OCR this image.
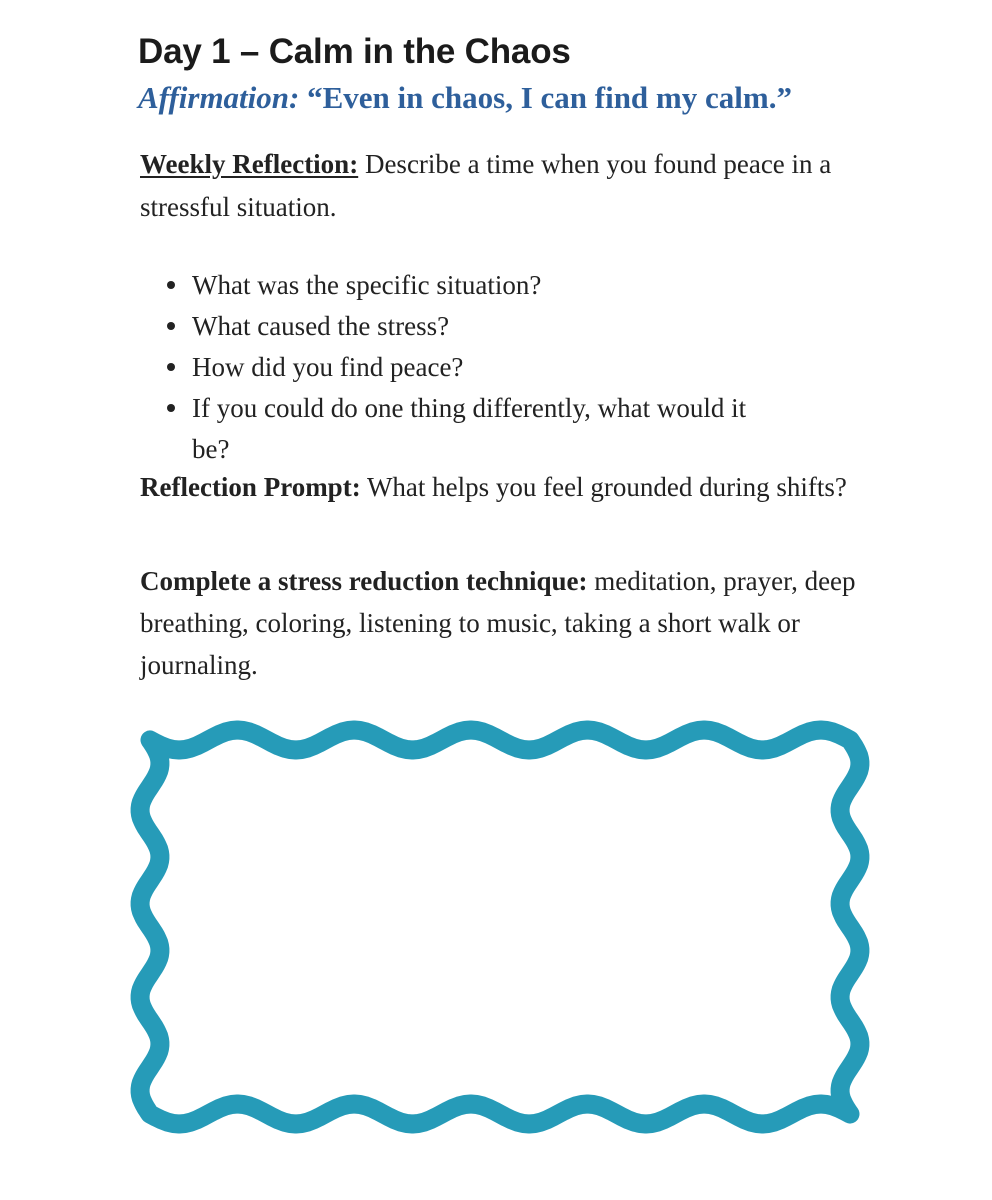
Day 1 – Calm in the Chaos

Affirmation: “Even in chaos, I can find my calm.”

Weekly Reflection: Describe a time when you found peace in a stressful situation.

What was the specific situation?
What caused the stress?
How did you find peace?
If you could do one thing differently, what would it be?

Reflection Prompt: What helps you feel grounded during shifts?

Complete a stress reduction technique: meditation, prayer, deep breathing, coloring, listening to music, taking a short walk or journaling.
